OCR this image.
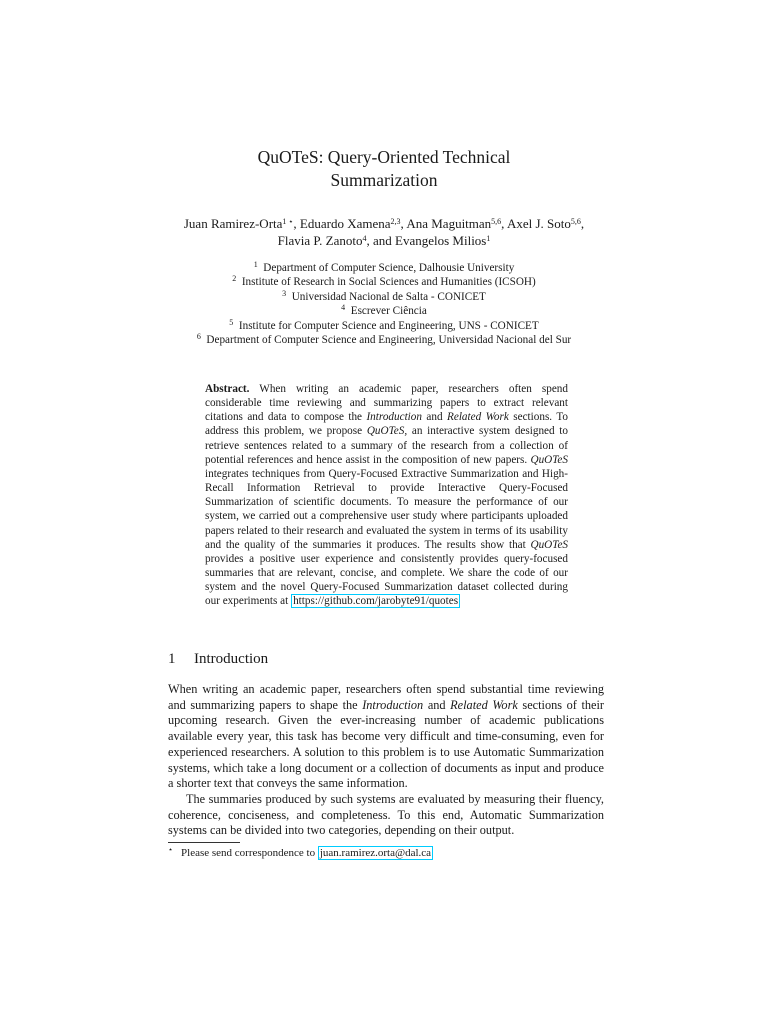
QuOTeS: Query-Oriented Technical
Summarization
Juan Ramirez-Orta$^{1 ⋆}$, Eduardo Xamena$^{2,3}$, Ana Maguitman$^{5,6}$, Axel J. Soto$^{5,6}$,
Flavia P. Zanoto$^4$, and Evangelos Milios$^1$
$^1$ Department of Computer Science, Dalhousie University
$^2$ Institute of Research in Social Sciences and Humanities (ICSOH)
$^3$ Universidad Nacional de Salta - CONICET
$^4$ Escrever Ciência
$^5$ Institute for Computer Science and Engineering, UNS - CONICET
$^6$ Department of Computer Science and Engineering, Universidad Nacional del Sur
Abstract. When writing an academic paper, researchers often spend considerable time reviewing and summarizing papers to extract relevant citations and data to compose the Introduction and Related Work sections. To address this problem, we propose QuOTeS, an interactive system designed to retrieve sentences related to a summary of the research from a collection of potential references and hence assist in the composition of new papers. QuOTeS integrates techniques from Query-Focused Extractive Summarization and High-Recall Information Retrieval to provide Interactive Query-Focused Summarization of scientific documents. To measure the performance of our system, we carried out a comprehensive user study where participants uploaded papers related to their research and evaluated the system in terms of its usability and the quality of the summaries it produces. The results show that QuOTeS provides a positive user experience and consistently provides query-focused summaries that are relevant, concise, and complete. We share the code of our system and the novel Query-Focused Summarization dataset collected during our experiments at https://github.com/jarobyte91/quotes
1 Introduction

When writing an academic paper, researchers often spend substantial time reviewing and summarizing papers to shape the Introduction and Related Work sections of their upcoming research. Given the ever-increasing number of academic publications available every year, this task has become very difficult and time-consuming, even for experienced researchers. A solution to this problem is to use Automatic Summarization systems, which take a long document or a collection of documents as input and produce a shorter text that conveys the same information.

The summaries produced by such systems are evaluated by measuring their fluency, coherence, conciseness, and completeness. To this end, Automatic Summarization systems can be divided into two categories, depending on their output.

⋆ Please send correspondence to juan.ramirez.orta@dal.ca
